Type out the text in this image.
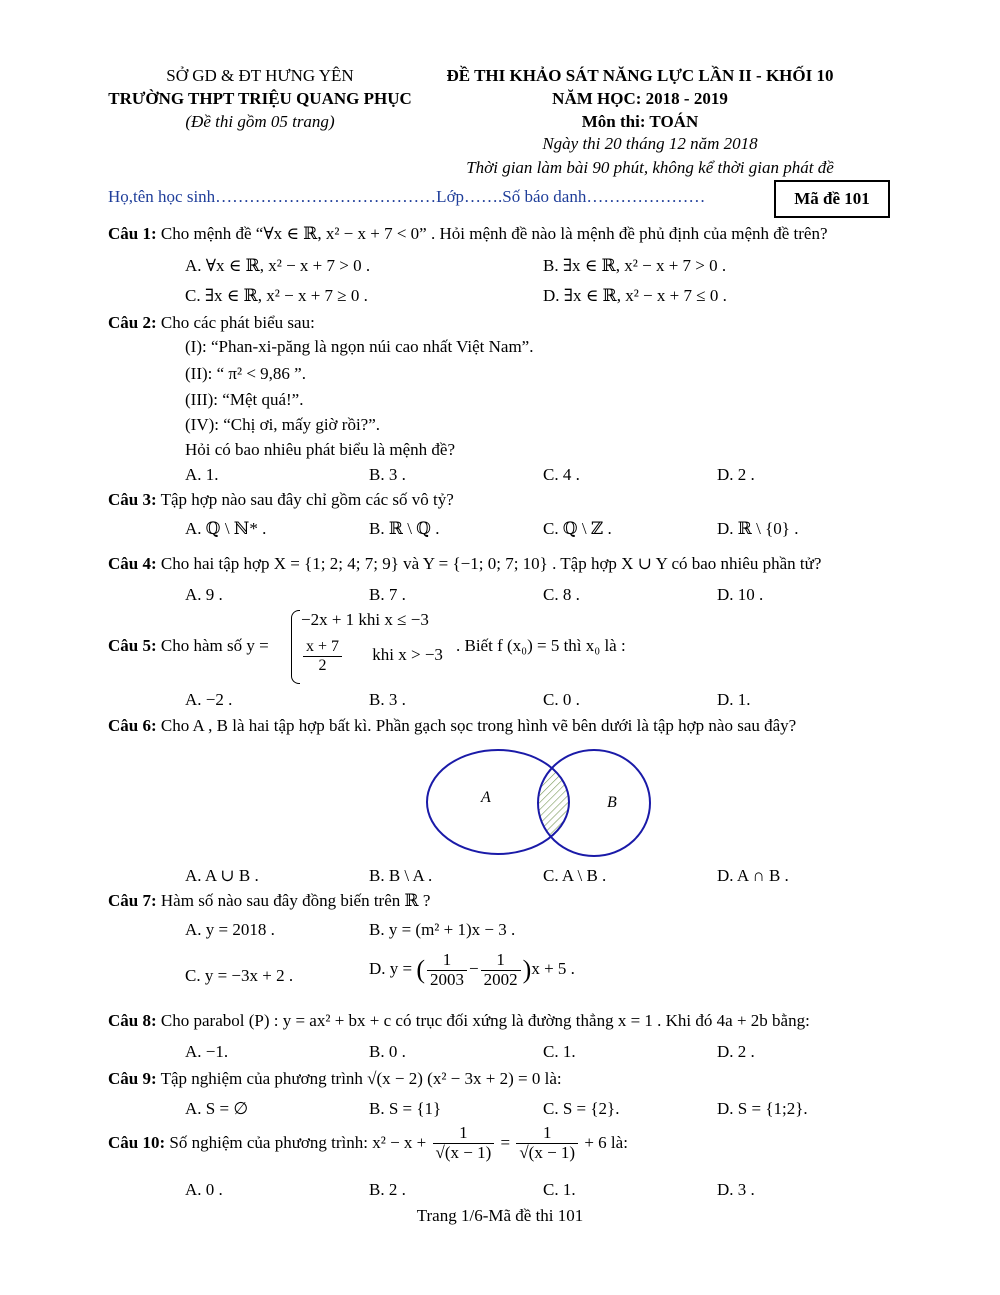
SỞ GD & ĐT HƯNG YÊN
TRƯỜNG THPT TRIỆU QUANG PHỤC
(Đề thi gồm 05 trang)
ĐỀ THI KHẢO SÁT NĂNG LỰC LẦN II - KHỐI 10
NĂM HỌC: 2018 - 2019
Môn thi: TOÁN
Ngày thi 20 tháng 12 năm 2018
Thời gian làm bài 90 phút, không kể thời gian phát đề
Họ,tên học sinh…………………………………Lớp…….Số báo danh…………………	Mã đề 101
Câu 1: Cho mệnh đề “∀x ∈ ℝ, x² − x + 7 < 0” . Hỏi mệnh đề nào là mệnh đề phủ định của mệnh đề trên?
A. ∀x ∈ ℝ, x² − x + 7 > 0 .	B. ∃x ∈ ℝ, x² − x + 7 > 0 .
C. ∃x ∈ ℝ, x² − x + 7 ≥ 0 .	D. ∃x ∈ ℝ, x² − x + 7 ≤ 0 .
Câu 2: Cho các phát biểu sau:
(I): “Phan-xi-păng là ngọn núi cao nhất Việt Nam”.
(II): “ π² < 9,86 ”.
(III): “Mệt quá!”.
(IV): “Chị ơi, mấy giờ rồi?”.
Hỏi có bao nhiêu phát biểu là mệnh đề?
A. 1.	B. 3 .	C. 4 .	D. 2 .
Câu 3: Tập hợp nào sau đây chỉ gồm các số vô tỷ?
A. ℚ \ ℕ* .	B. ℝ \ ℚ .	C. ℚ \ ℤ .	D. ℝ \ {0} .
Câu 4: Cho hai tập hợp X = {1; 2; 4; 7; 9} và Y = {−1; 0; 7; 10} . Tập hợp X ∪ Y có bao nhiêu phần tử?
A. 9 .	B. 7 .	C. 8 .	D. 10 .
Câu 5: Cho hàm số y =
−2x + 1 khi x ≤ −3
$\frac{x + 7}{2}$ khi x > −3 . Biết f (x₀) = 5 thì x₀ là :
A. −2 .	B. 3 .	C. 0 .	D. 1.
Câu 6: Cho A , B là hai tập hợp bất kì. Phần gạch sọc trong hình vẽ bên dưới là tập hợp nào sau đây?
A	B
A. A ∪ B .	B. B \ A .	C. A \ B .	D. A ∩ B .
Câu 7: Hàm số nào sau đây đồng biến trên ℝ ?
A. y = 2018 .	B. y = (m² + 1)x − 3 .
C. y = −3x + 2 .	D. y = ( $\frac{1}{2003} - \frac{1}{2002} )x + 5$ .
Câu 8: Cho parabol (P) : y = ax² + bx + c có trục đối xứng là đường thẳng x = 1 . Khi đó 4a + 2b bằng:
A. −1.	B. 0 .	C. 1.	D. 2 .
Câu 9: Tập nghiệm của phương trình √(x − 2) (x² − 3x + 2) = 0 là:
A. S = ∅	B. S = {1}	C. S = {2}.	D. S = {1;2}.
Câu 10: Số nghiệm của phương trình: $x^2 - x + \frac{1}{√(x - 1)} = \frac{1}{√(x - 1)} + 6$ là:
A. 0 .	B. 2 .	C. 1.	D. 3 .
Trang 1/6-Mã đề thi 101
